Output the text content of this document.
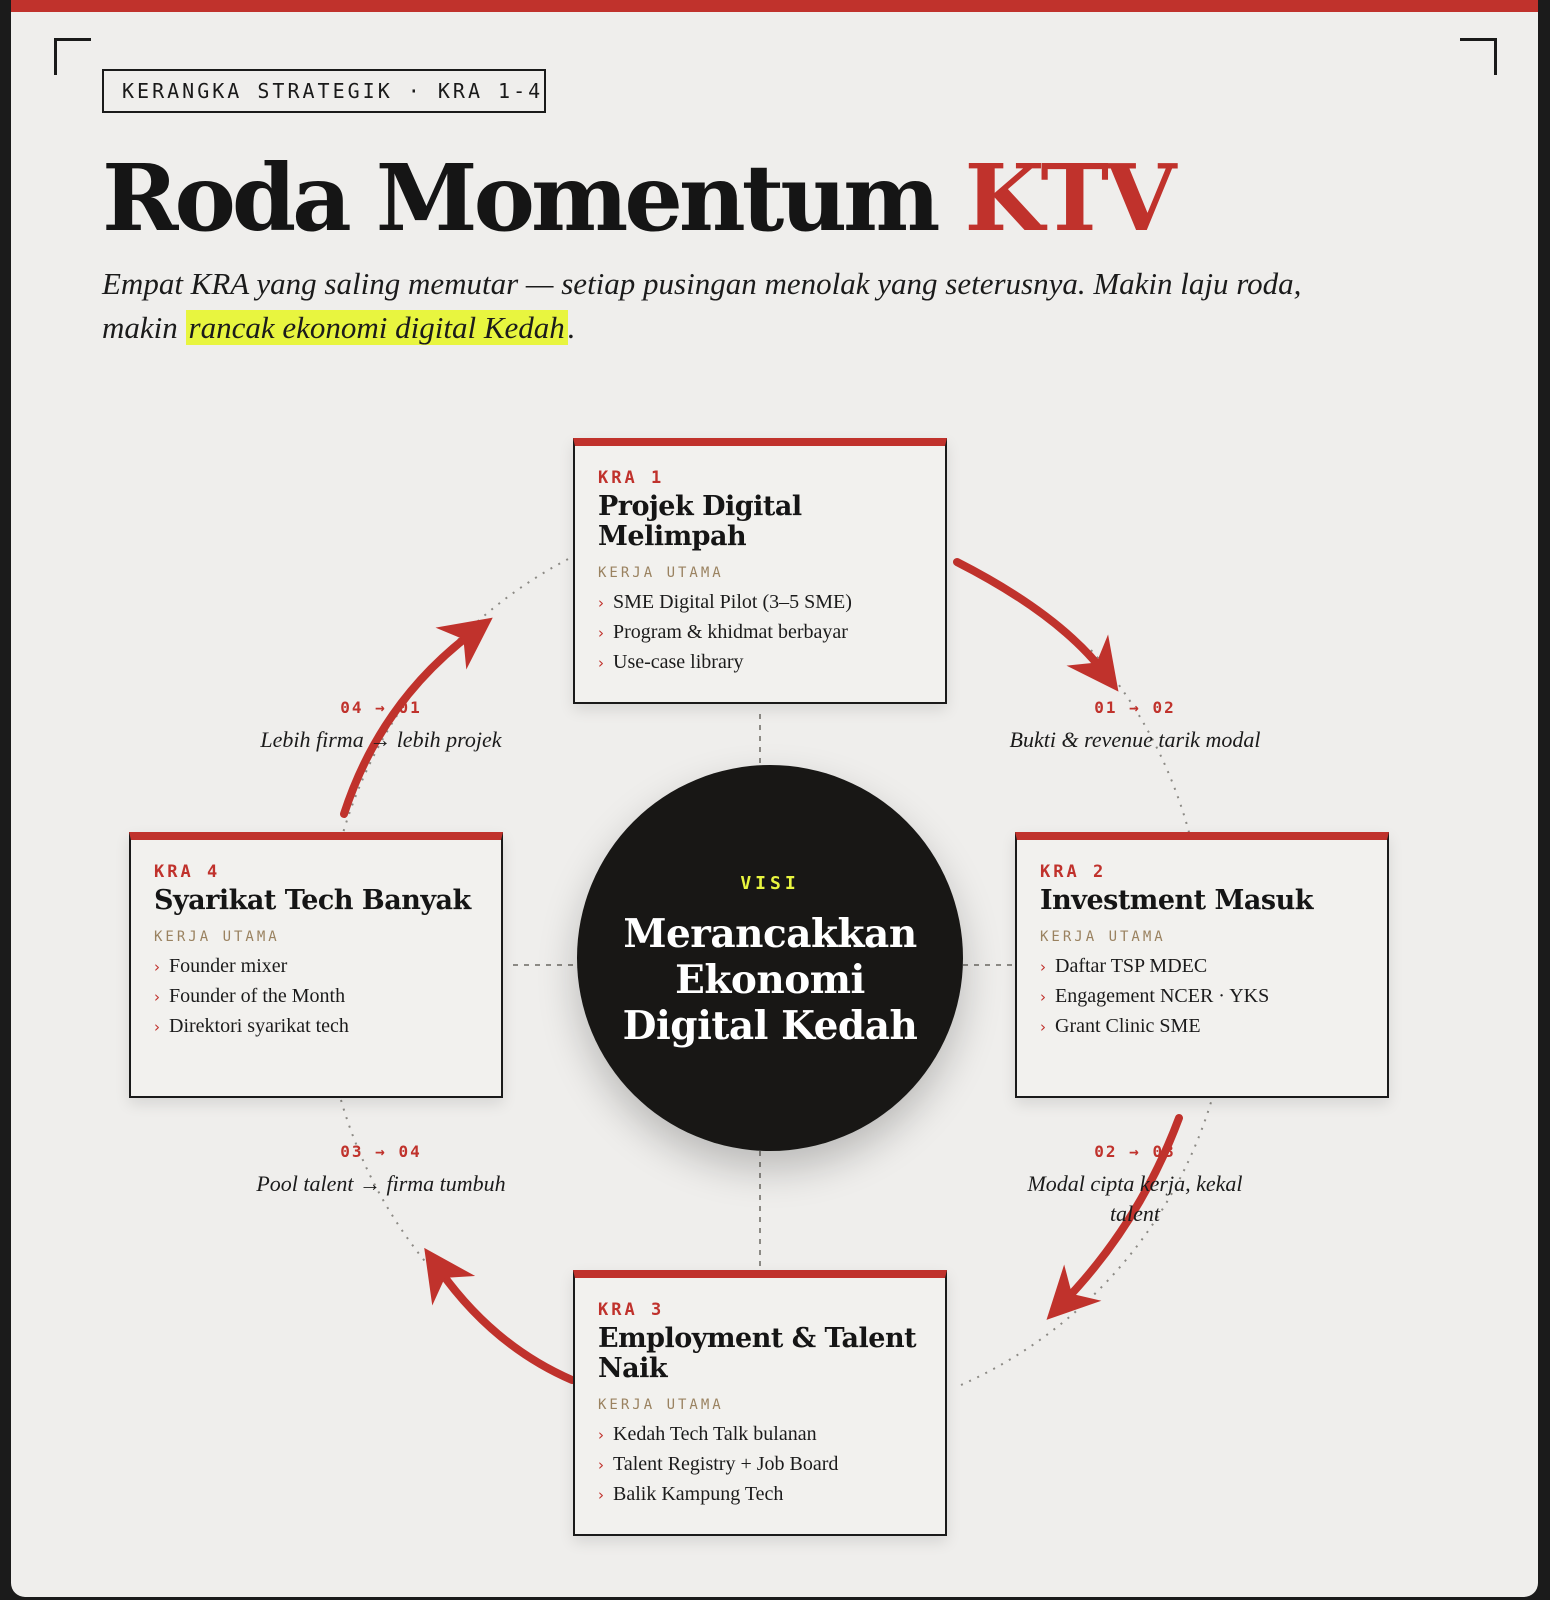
KERANGKA STRATEGIK · KRA 1-4
Roda Momentum KTV

Empat KRA yang saling memutar — setiap pusingan menolak yang seterusnya. Makin laju roda, makin rancak ekonomi digital Kedah.

01 → 02
Bukti & revenue tarik modal
02 → 03
Modal cipta kerja, kekal talent
03 → 04
Pool talent → firma tumbuh
04 → 01
Lebih firma → lebih projek
KRA 1
Projek Digital Melimpah
KERJA UTAMA
› SME Digital Pilot (3–5 SME)
› Program & khidmat berbayar
› Use-case library
KRA 2
Investment Masuk
KERJA UTAMA
› Daftar TSP MDEC
› Engagement NCER · YKS
› Grant Clinic SME
KRA 3
Employment & Talent Naik
KERJA UTAMA
› Kedah Tech Talk bulanan
› Talent Registry + Job Board
› Balik Kampung Tech
KRA 4
Syarikat Tech Banyak
KERJA UTAMA
› Founder mixer
› Founder of the Month
› Direktori syarikat tech
VISI
Merancakkan Ekonomi Digital Kedah
